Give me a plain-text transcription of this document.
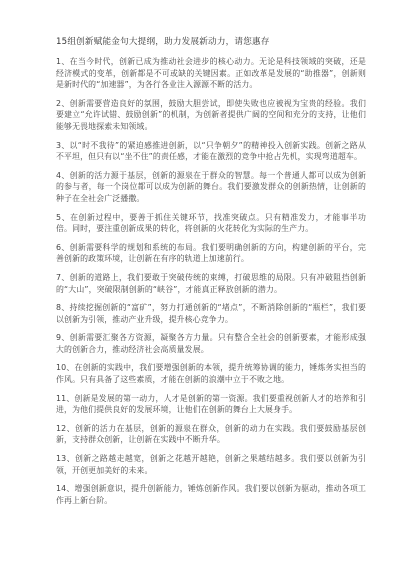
15组创新赋能金句大提纲，助力发展新动力，请您惠存
1、在当今时代，创新已成为推动社会进步的核心动力。无论是科技领域的突破，还是经济模式的变革，创新都是不可或缺的关键因素。正如改革是发展的“助推器”，创新则是新时代的“加速器”，为各行各业注入源源不断的活力。
2、创新需要营造良好的氛围，鼓励大胆尝试，即使失败也应被视为宝贵的经验。我们要建立“允许试错、鼓励创新”的机制，为创新者提供广阔的空间和充分的支持，让他们能够无畏地探索未知领域。
3、以“时不我待”的紧迫感推进创新，以“只争朝夕”的精神投入创新实践。创新之路从不平坦，但只有以“坐不住”的责任感，才能在激烈的竞争中抢占先机，实现弯道超车。
4、创新的活力源于基层，创新的源泉在于群众的智慧。每一个普通人都可以成为创新的参与者，每一个岗位都可以成为创新的舞台。我们要激发群众的创新热情，让创新的种子在全社会广泛播撒。
5、在创新过程中，要善于抓住关键环节，找准突破点。只有精准发力，才能事半功倍。同时，要注重创新成果的转化，将创新的火花转化为实际的生产力。
6、创新需要科学的规划和系统的布局。我们要明确创新的方向，构建创新的平台，完善创新的政策环境，让创新在有序的轨道上加速前行。
7、创新的道路上，我们要敢于突破传统的束缚，打破思维的局限。只有冲破阻挡创新的“大山”，突破限制创新的“峡谷”，才能真正释放创新的潜力。
8、持续挖掘创新的“富矿”，努力打通创新的“堵点”，不断消除创新的“瓶栏”，我们要以创新为引领，推动产业升级，提升核心竞争力。
9、创新需要汇聚各方资源，凝聚各方力量。只有整合全社会的创新要素，才能形成强大的创新合力，推动经济社会高质量发展。
10、在创新的实践中，我们要增强创新的本领，提升统筹协调的能力，锤炼务实担当的作风。只有具备了这些素质，才能在创新的浪潮中立于不败之地。
11、创新是发展的第一动力，人才是创新的第一资源。我们要重视创新人才的培养和引进，为他们提供良好的发展环境，让他们在创新的舞台上大展身手。
12、创新的活力在基层，创新的源泉在群众，创新的动力在实践。我们要鼓励基层创新，支持群众创新，让创新在实践中不断升华。
13、创新之路越走越宽，创新之花越开越艳，创新之果越结越多。我们要以创新为引领，开创更加美好的未来。
14、增强创新意识，提升创新能力，锤炼创新作风。我们要以创新为驱动，推动各项工作再上新台阶。
